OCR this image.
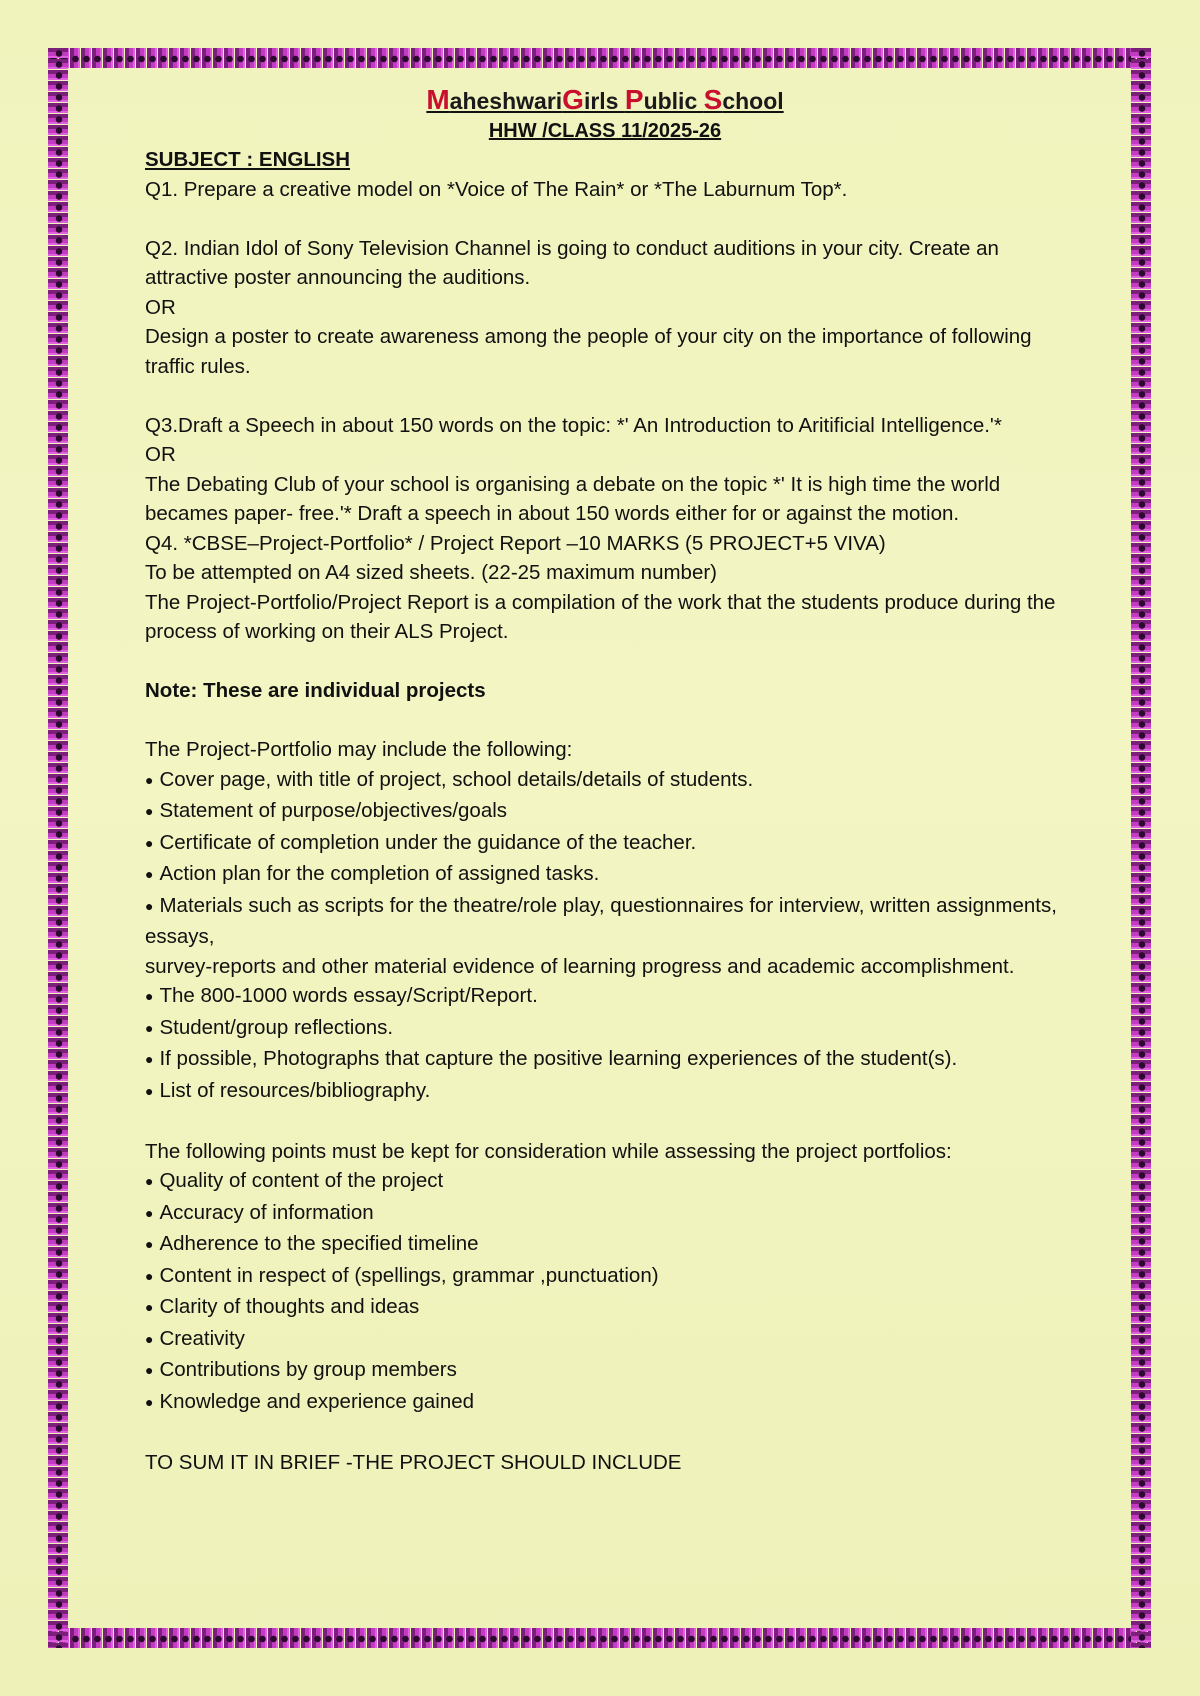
MaheshwariGirls Public School
HHW /CLASS 11/2025-26

SUBJECT : ENGLISH

Q1. Prepare a creative model on *Voice of The Rain* or *The Laburnum Top*.

Q2. Indian Idol of Sony Television Channel is going to conduct auditions in your city. Create an attractive poster announcing the auditions.

OR

Design a poster to create awareness among the people of your city on the importance of following traffic rules.

Q3.Draft a Speech in about 150 words on the topic: *' An Introduction to Aritificial Intelligence.'*

OR

The Debating Club of your school is organising a debate on the topic *' It is high time the world becames paper- free.'* Draft a speech in about 150 words either for or against the motion.

Q4. *CBSE–Project-Portfolio* / Project Report –10 MARKS (5 PROJECT+5 VIVA)

To be attempted on A4 sized sheets. (22-25 maximum number)

The Project-Portfolio/Project Report is a compilation of the work that the students produce during the process of working on their ALS Project.

Note: These are individual projects

The Project-Portfolio may include the following:

● Cover page, with title of project, school details/details of students.
● Statement of purpose/objectives/goals
● Certificate of completion under the guidance of the teacher.
● Action plan for the completion of assigned tasks.
● Materials such as scripts for the theatre/role play, questionnaires for interview, written assignments, essays,

survey-reports and other material evidence of learning progress and academic accomplishment.

● The 800-1000 words essay/Script/Report.
● Student/group reflections.
● If possible, Photographs that capture the positive learning experiences of the student(s).
● List of resources/bibliography.

The following points must be kept for consideration while assessing the project portfolios:

● Quality of content of the project
● Accuracy of information
● Adherence to the specified timeline
● Content in respect of (spellings, grammar ,punctuation)
● Clarity of thoughts and ideas
● Creativity
● Contributions by group members
● Knowledge and experience gained

TO SUM IT IN BRIEF -THE PROJECT SHOULD INCLUDE
